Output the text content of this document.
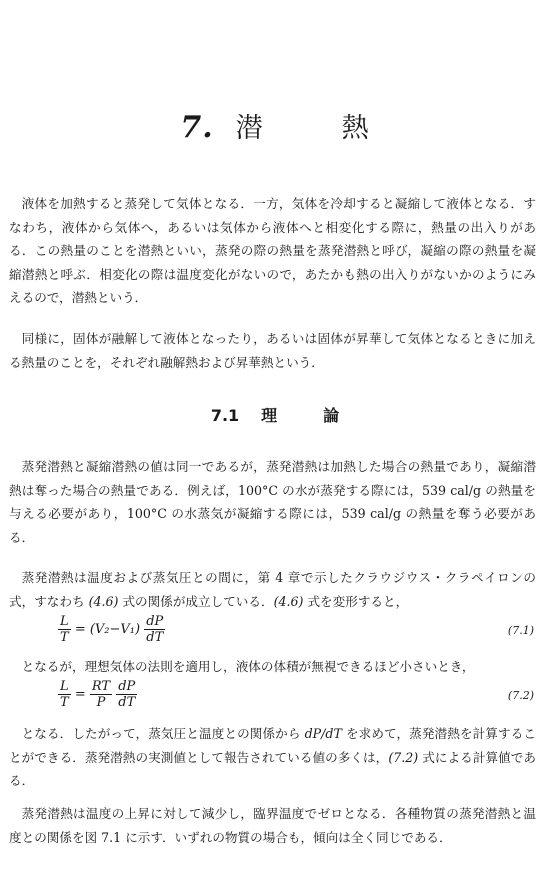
7. 潜	熱

液体を加熱すると蒸発して気体となる．一方，気体を冷却すると凝縮して液体となる．すなわち，液体から気体へ，あるいは気体から液体へと相変化する際に，熱量の出入りがある．この熱量のことを潜熱といい，蒸発の際の熱量を蒸発潜熱と呼び，凝縮の際の熱量を凝縮潜熱と呼ぶ．相変化の際は温度変化がないので，あたかも熱の出入りがないかのようにみえるので，潜熱という．

同様に，固体が融解して液体となったり，あるいは固体が昇華して気体となるときに加える熱量のことを，それぞれ融解熱および昇華熱という．

7.1 理	論

蒸発潜熱と凝縮潜熱の値は同一であるが，蒸発潜熱は加熱した場合の熱量であり，凝縮潜熱は奪った場合の熱量である．例えば，100°C の水が蒸発する際には，539 cal/g の熱量を与える必要があり，100°C の水蒸気が凝縮する際には，539 cal/g の熱量を奪う必要がある．

蒸発潜熱は温度および蒸気圧との間に，第 4 章で示したクラウジウス・クラペイロンの式，すなわち (4.6) 式の関係が成立している．(4.6) 式を変形すると，

$\frac{L}{T} = (V_2-V_1) \frac{dP}{dT}$	(7.1)

となるが，理想気体の法則を適用し，液体の体積が無視できるほど小さいとき，

$\frac{L}{T} = \frac{RT}{P}$
$\frac{dP}{dT}$	(7.2)

となる．したがって，蒸気圧と温度との関係から dP/dT を求めて，蒸発潜熱を計算することができる．蒸発潜熱の実測値として報告されている値の多くは，(7.2) 式による計算値である．

蒸発潜熱は温度の上昇に対して減少し，臨界温度でゼロとなる．各種物質の蒸発潜熱と温度との関係を図 7.1 に示す．いずれの物質の場合も，傾向は全く同じである．
